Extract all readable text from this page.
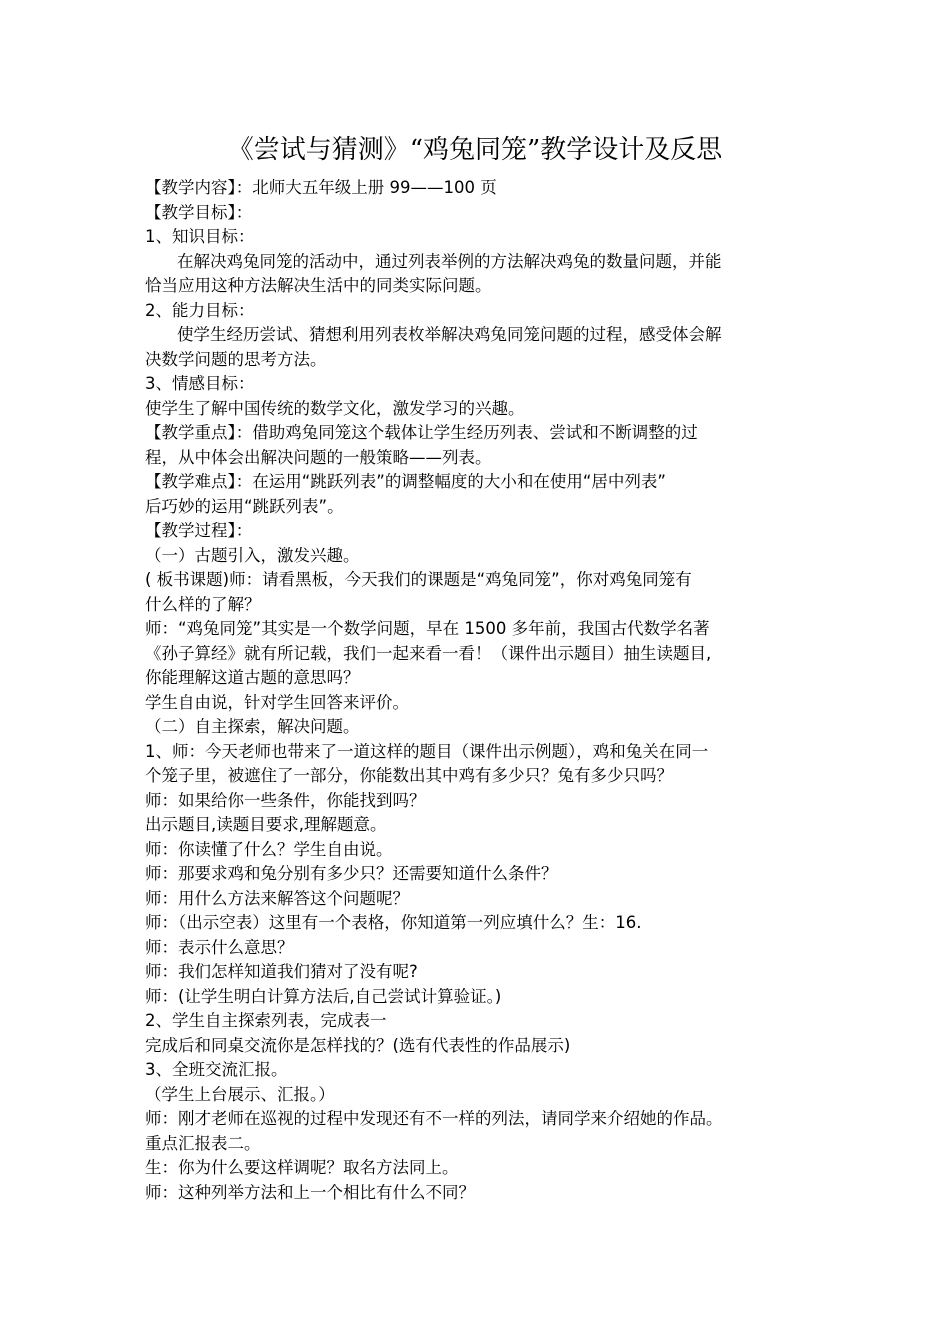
《尝试与猜测》“鸡兔同笼”教学设计及反思

【教学内容】：北师大五年级上册 99——100 页

【教学目标】：

1、知识目标：

在解决鸡兔同笼的活动中，通过列表举例的方法解决鸡兔的数量问题，并能

恰当应用这种方法解决生活中的同类实际问题。

2、能力目标：

使学生经历尝试、猜想利用列表枚举解决鸡兔同笼问题的过程，感受体会解

决数学问题的思考方法。

3、情感目标：

使学生了解中国传统的数学文化，激发学习的兴趣。

【教学重点】：借助鸡兔同笼这个载体让学生经历列表、尝试和不断调整的过

程，从中体会出解决问题的一般策略——列表。

【教学难点】：在运用“跳跃列表”的调整幅度的大小和在使用“居中列表”

后巧妙的运用“跳跃列表”。

【教学过程】：

（一）古题引入，激发兴趣。

( 板书课题)师：请看黑板，今天我们的课题是“鸡兔同笼”，你对鸡兔同笼有

什么样的了解？

师：“鸡兔同笼”其实是一个数学问题，早在 1500 多年前，我国古代数学名著

《孙子算经》就有所记载，我们一起来看一看！（课件出示题目）抽生读题目,

你能理解这道古题的意思吗？

学生自由说，针对学生回答来评价。

（二）自主探索，解决问题。

1、师：今天老师也带来了一道这样的题目（课件出示例题），鸡和兔关在同一

个笼子里，被遮住了一部分，你能数出其中鸡有多少只？兔有多少只吗？

师：如果给你一些条件，你能找到吗？

出示题目,读题目要求,理解题意。

师：你读懂了什么？学生自由说。

师：那要求鸡和兔分别有多少只？还需要知道什么条件？

师：用什么方法来解答这个问题呢？

师：（出示空表）这里有一个表格，你知道第一列应填什么？生：16.

师：表示什么意思？

师：我们怎样知道我们猜对了没有呢?

师：(让学生明白计算方法后,自己尝试计算验证。)

2、学生自主探索列表，完成表一

完成后和同桌交流你是怎样找的？(选有代表性的作品展示)

3、全班交流汇报。

（学生上台展示、汇报。）

师：刚才老师在巡视的过程中发现还有不一样的列法，请同学来介绍她的作品。

重点汇报表二。

生：你为什么要这样调呢？取名方法同上。

师：这种列举方法和上一个相比有什么不同？
